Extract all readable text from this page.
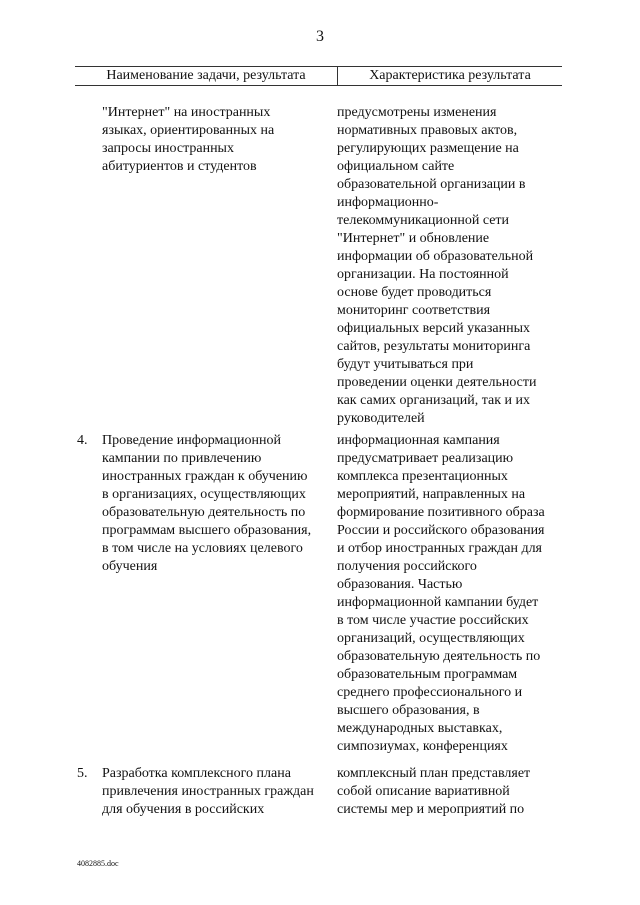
3
Наименование задачи, результата	Характеристика результата
"Интернет" на иностранных
языках, ориентированных на
запросы иностранных
абитуриентов и студентов
предусмотрены изменения
нормативных правовых актов,
регулирующих размещение на
официальном сайте
образовательной организации в
информационно-
телекоммуникационной сети
"Интернет" и обновление
информации об образовательной
организации. На постоянной
основе будет проводиться
мониторинг соответствия
официальных версий указанных
сайтов, результаты мониторинга
будут учитываться при
проведении оценки деятельности
как самих организаций, так и их
руководителей
4. Проведение информационной
кампании по привлечению
иностранных граждан к обучению
в организациях, осуществляющих
образовательную деятельность по
программам высшего образования,
в том числе на условиях целевого
обучения
информационная кампания
предусматривает реализацию
комплекса презентационных
мероприятий, направленных на
формирование позитивного образа
России и российского образования
и отбор иностранных граждан для
получения российского
образования. Частью
информационной кампании будет
в том числе участие российских
организаций, осуществляющих
образовательную деятельность по
образовательным программам
среднего профессионального и
высшего образования, в
международных выставках,
симпозиумах, конференциях
5. Разработка комплексного плана
привлечения иностранных граждан
для обучения в российских
комплексный план представляет
собой описание вариативной
системы мер и мероприятий по
4082885.doc
